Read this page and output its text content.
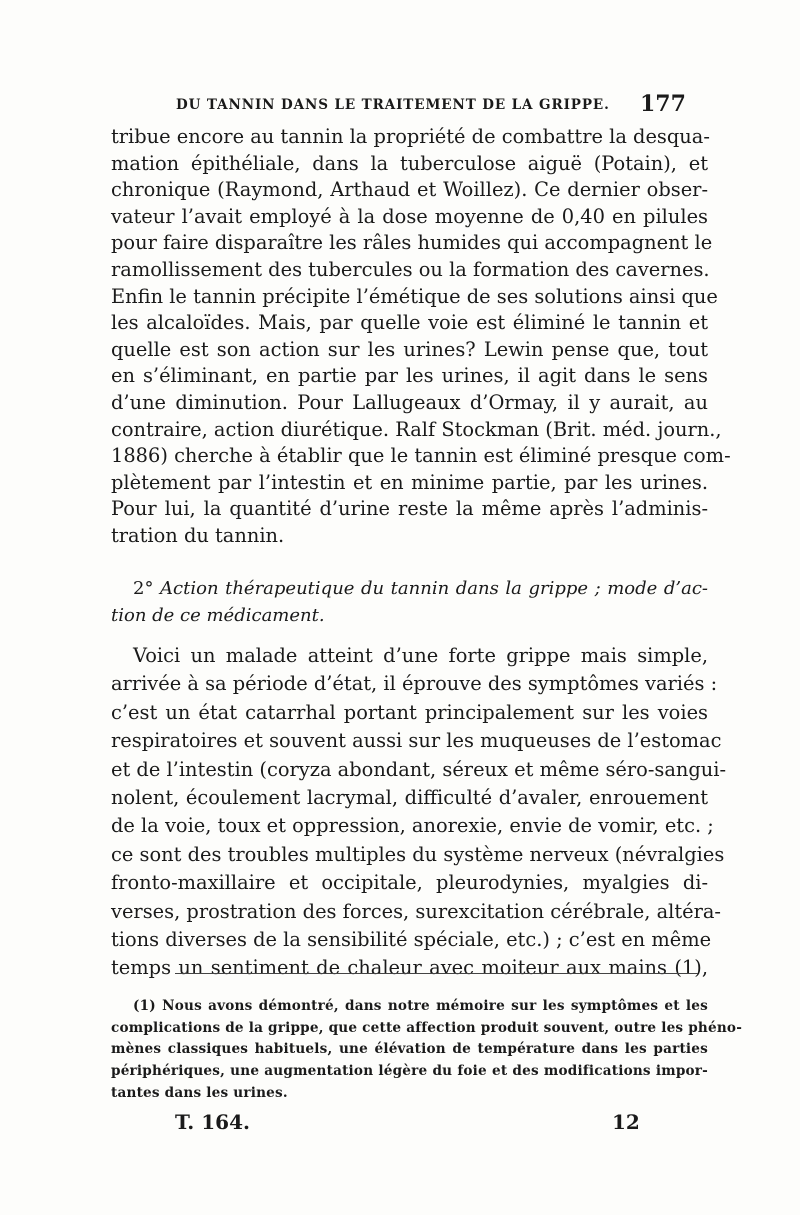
DU TANNIN DANS LE TRAITEMENT DE LA GRIPPE.	177
tribue encore au tannin la propriété de combattre la desqua-
mation épithéliale, dans la tuberculose aiguë (Potain), et
chronique (Raymond, Arthaud et Woillez). Ce dernier obser-
vateur l’avait employé à la dose moyenne de 0,40 en pilules
pour faire disparaître les râles humides qui accompagnent le
ramollissement des tubercules ou la formation des cavernes.
Enfin le tannin précipite l’émétique de ses solutions ainsi que
les alcaloïdes. Mais, par quelle voie est éliminé le tannin et
quelle est son action sur les urines? Lewin pense que, tout
en s’éliminant, en partie par les urines, il agit dans le sens
d’une diminution. Pour Lallugeaux d’Ormay, il y aurait, au
contraire, action diurétique. Ralf Stockman (Brit. méd. journ.,
1886) cherche à établir que le tannin est éliminé presque com-
plètement par l’intestin et en minime partie, par les urines.
Pour lui, la quantité d’urine reste la même après l’adminis-
tration du tannin.
2° Action thérapeutique du tannin dans la grippe ; mode d’ac-
tion de ce médicament.
Voici un malade atteint d’une forte grippe mais simple,
arrivée à sa période d’état, il éprouve des symptômes variés :
c’est un état catarrhal portant principalement sur les voies
respiratoires et souvent aussi sur les muqueuses de l’estomac
et de l’intestin (coryza abondant, séreux et même séro-sangui-
nolent, écoulement lacrymal, difficulté d’avaler, enrouement
de la voie, toux et oppression, anorexie, envie de vomir, etc. ;
ce sont des troubles multiples du système nerveux (névralgies
fronto-maxillaire et occipitale, pleurodynies, myalgies di-
verses, prostration des forces, surexcitation cérébrale, altéra-
tions diverses de la sensibilité spéciale, etc.) ; c’est en même
temps un sentiment de chaleur avec moiteur aux mains (1),
(1) Nous avons démontré, dans notre mémoire sur les symptômes et les
complications de la grippe, que cette affection produit souvent, outre les phéno-
mènes classiques habituels, une élévation de température dans les parties
périphériques, une augmentation légère du foie et des modifications impor-
tantes dans les urines.
T. 164.	12
